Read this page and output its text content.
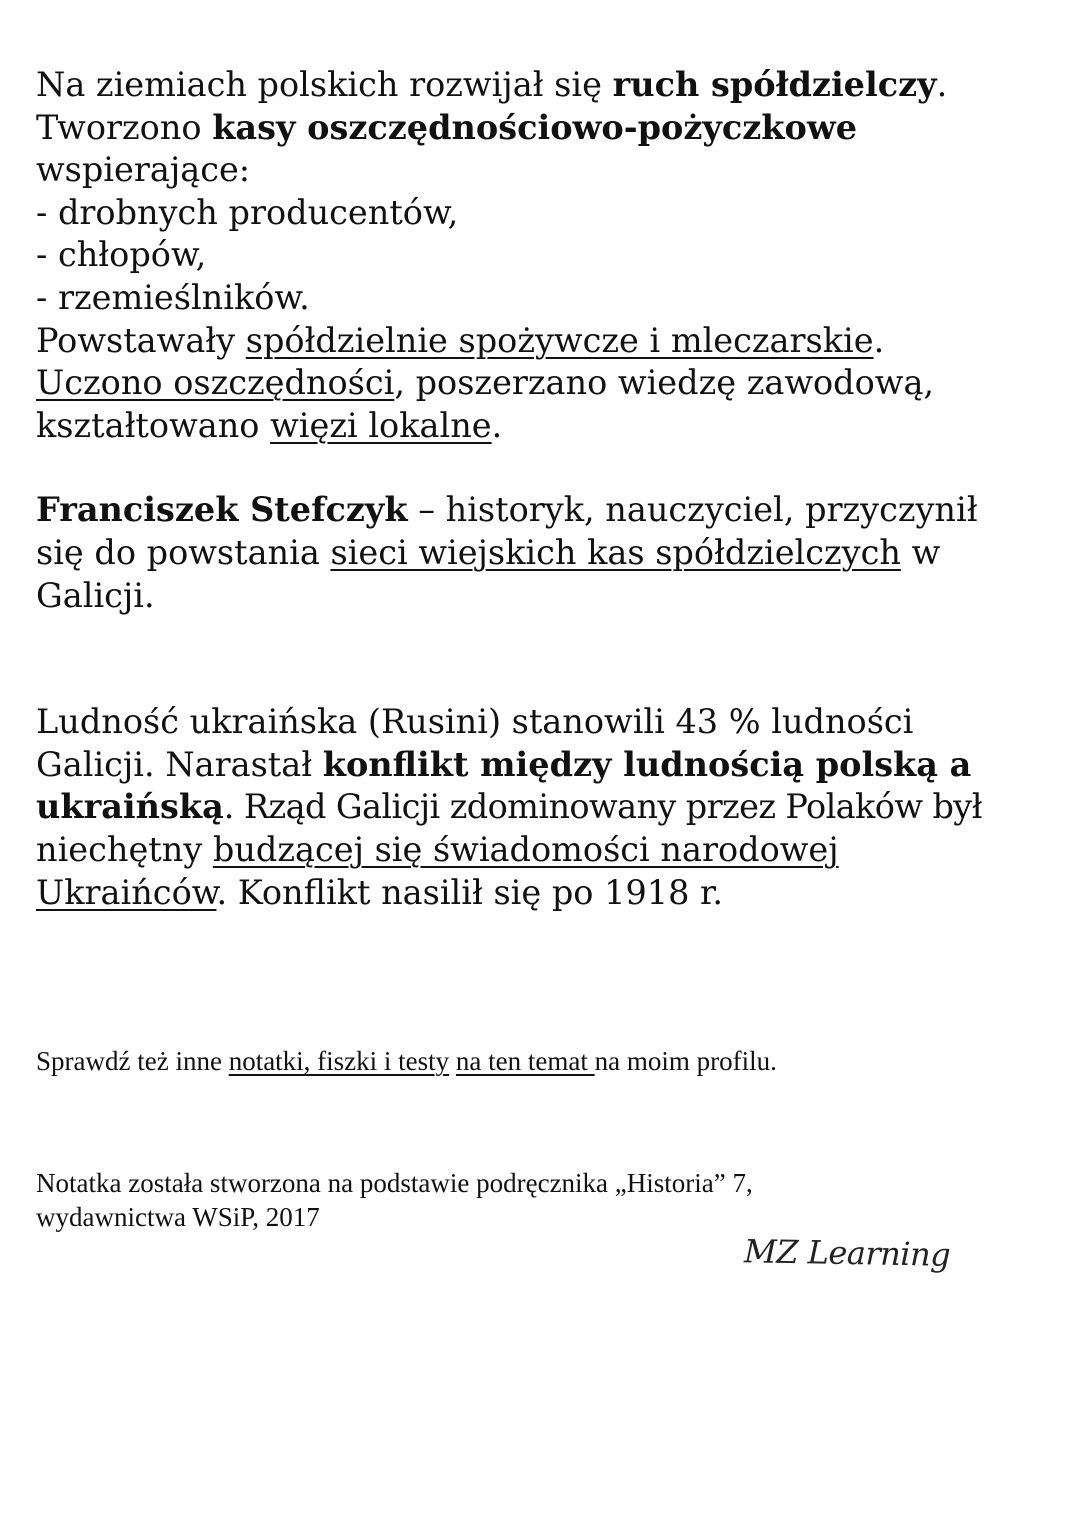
Na ziemiach polskich rozwijał się ruch spółdzielczy.
Tworzono kasy oszczędnościowo-pożyczkowe
wspierające:
- drobnych producentów,
- chłopów,
- rzemieślników.
Powstawały spółdzielnie spożywcze i mleczarskie.
Uczono oszczędności, poszerzano wiedzę zawodową,
kształtowano więzi lokalne.

Franciszek Stefczyk – historyk, nauczyciel, przyczynił
się do powstania sieci wiejskich kas spółdzielczych w
Galicji.

Ludność ukraińska (Rusini) stanowili 43 % ludności
Galicji. Narastał konflikt między ludnością polską a
ukraińską. Rząd Galicji zdominowany przez Polaków był
niechętny budzącej się świadomości narodowej
Ukraińców. Konflikt nasilił się po 1918 r.

Sprawdź też inne notatki, fiszki i testy na ten temat na moim profilu.

Notatka została stworzona na podstawie podręcznika „Historia” 7,
wydawnictwa WSiP, 2017

MZ Learning
